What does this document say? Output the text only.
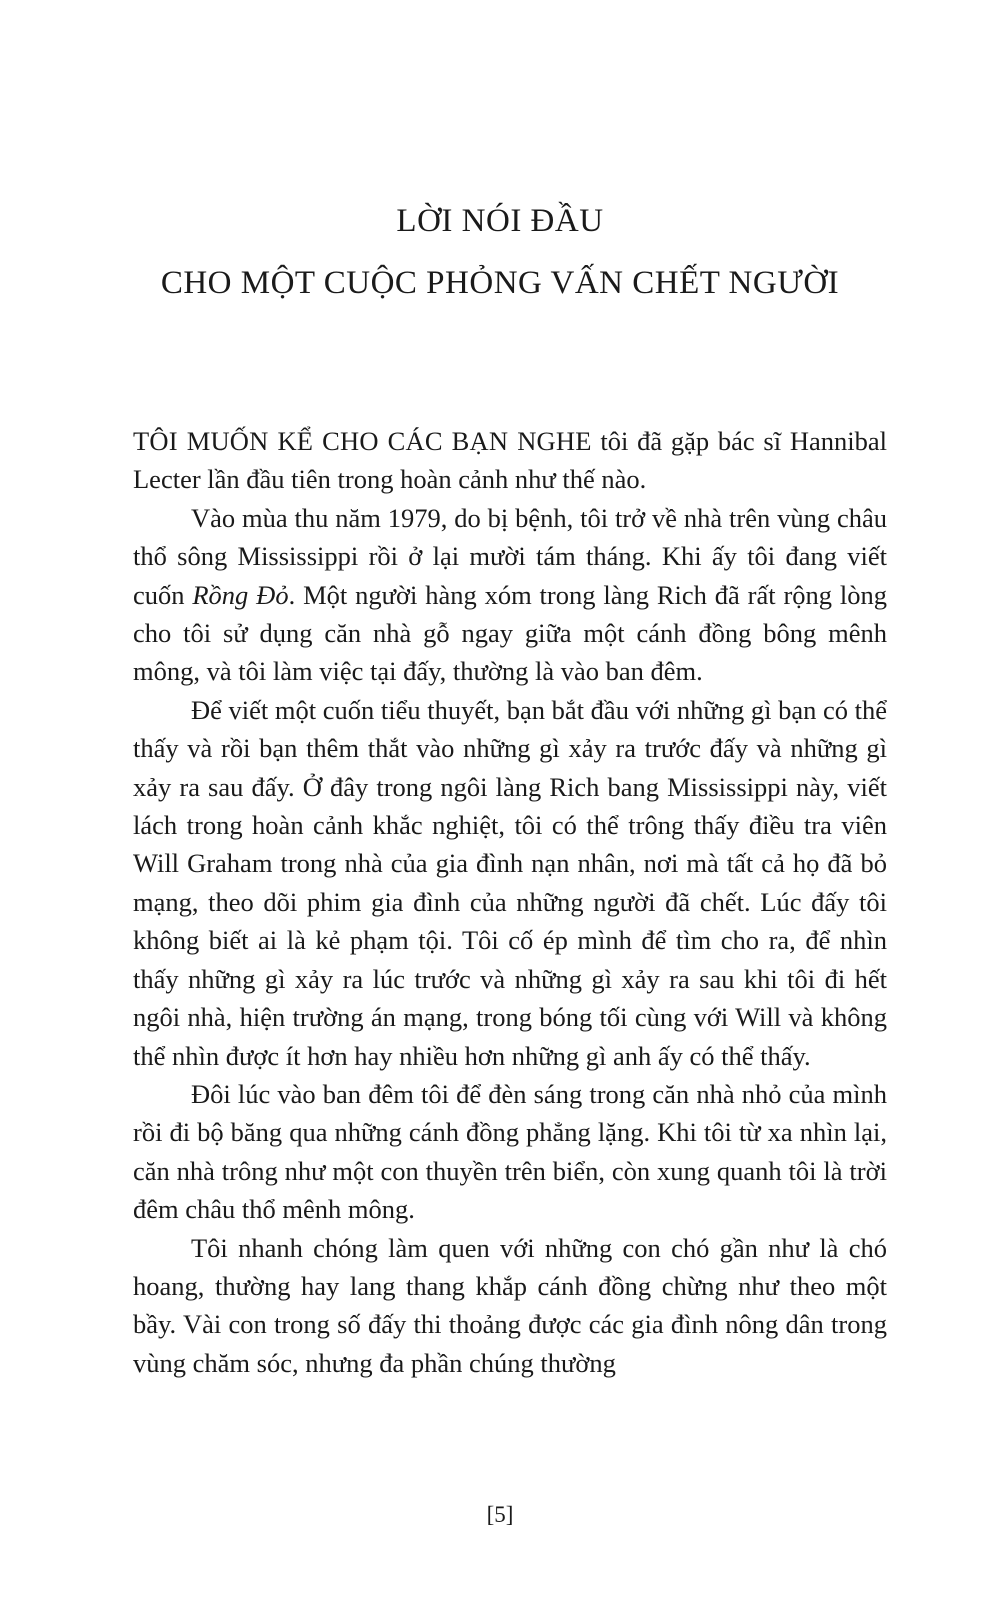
LỜI NÓI ĐẦU
CHO MỘT CUỘC PHỎNG VẤN CHẾT NGƯỜI

TÔI MUỐN KỂ CHO CÁC BẠN NGHE tôi đã gặp bác sĩ Hannibal Lecter lần đầu tiên trong hoàn cảnh như thế nào.

Vào mùa thu năm 1979, do bị bệnh, tôi trở về nhà trên vùng châu thổ sông Mississippi rồi ở lại mười tám tháng. Khi ấy tôi đang viết cuốn Rồng Đỏ. Một người hàng xóm trong làng Rich đã rất rộng lòng cho tôi sử dụng căn nhà gỗ ngay giữa một cánh đồng bông mênh mông, và tôi làm việc tại đấy, thường là vào ban đêm.

Để viết một cuốn tiểu thuyết, bạn bắt đầu với những gì bạn có thể thấy và rồi bạn thêm thắt vào những gì xảy ra trước đấy và những gì xảy ra sau đấy. Ở đây trong ngôi làng Rich bang Mississippi này, viết lách trong hoàn cảnh khắc nghiệt, tôi có thể trông thấy điều tra viên Will Graham trong nhà của gia đình nạn nhân, nơi mà tất cả họ đã bỏ mạng, theo dõi phim gia đình của những người đã chết. Lúc đấy tôi không biết ai là kẻ phạm tội. Tôi cố ép mình để tìm cho ra, để nhìn thấy những gì xảy ra lúc trước và những gì xảy ra sau khi tôi đi hết ngôi nhà, hiện trường án mạng, trong bóng tối cùng với Will và không thể nhìn được ít hơn hay nhiều hơn những gì anh ấy có thể thấy.

Đôi lúc vào ban đêm tôi để đèn sáng trong căn nhà nhỏ của mình rồi đi bộ băng qua những cánh đồng phẳng lặng. Khi tôi từ xa nhìn lại, căn nhà trông như một con thuyền trên biển, còn xung quanh tôi là trời đêm châu thổ mênh mông.

Tôi nhanh chóng làm quen với những con chó gần như là chó hoang, thường hay lang thang khắp cánh đồng chừng như theo một bầy. Vài con trong số đấy thi thoảng được các gia đình nông dân trong vùng chăm sóc, nhưng đa phần chúng thường

[5]
